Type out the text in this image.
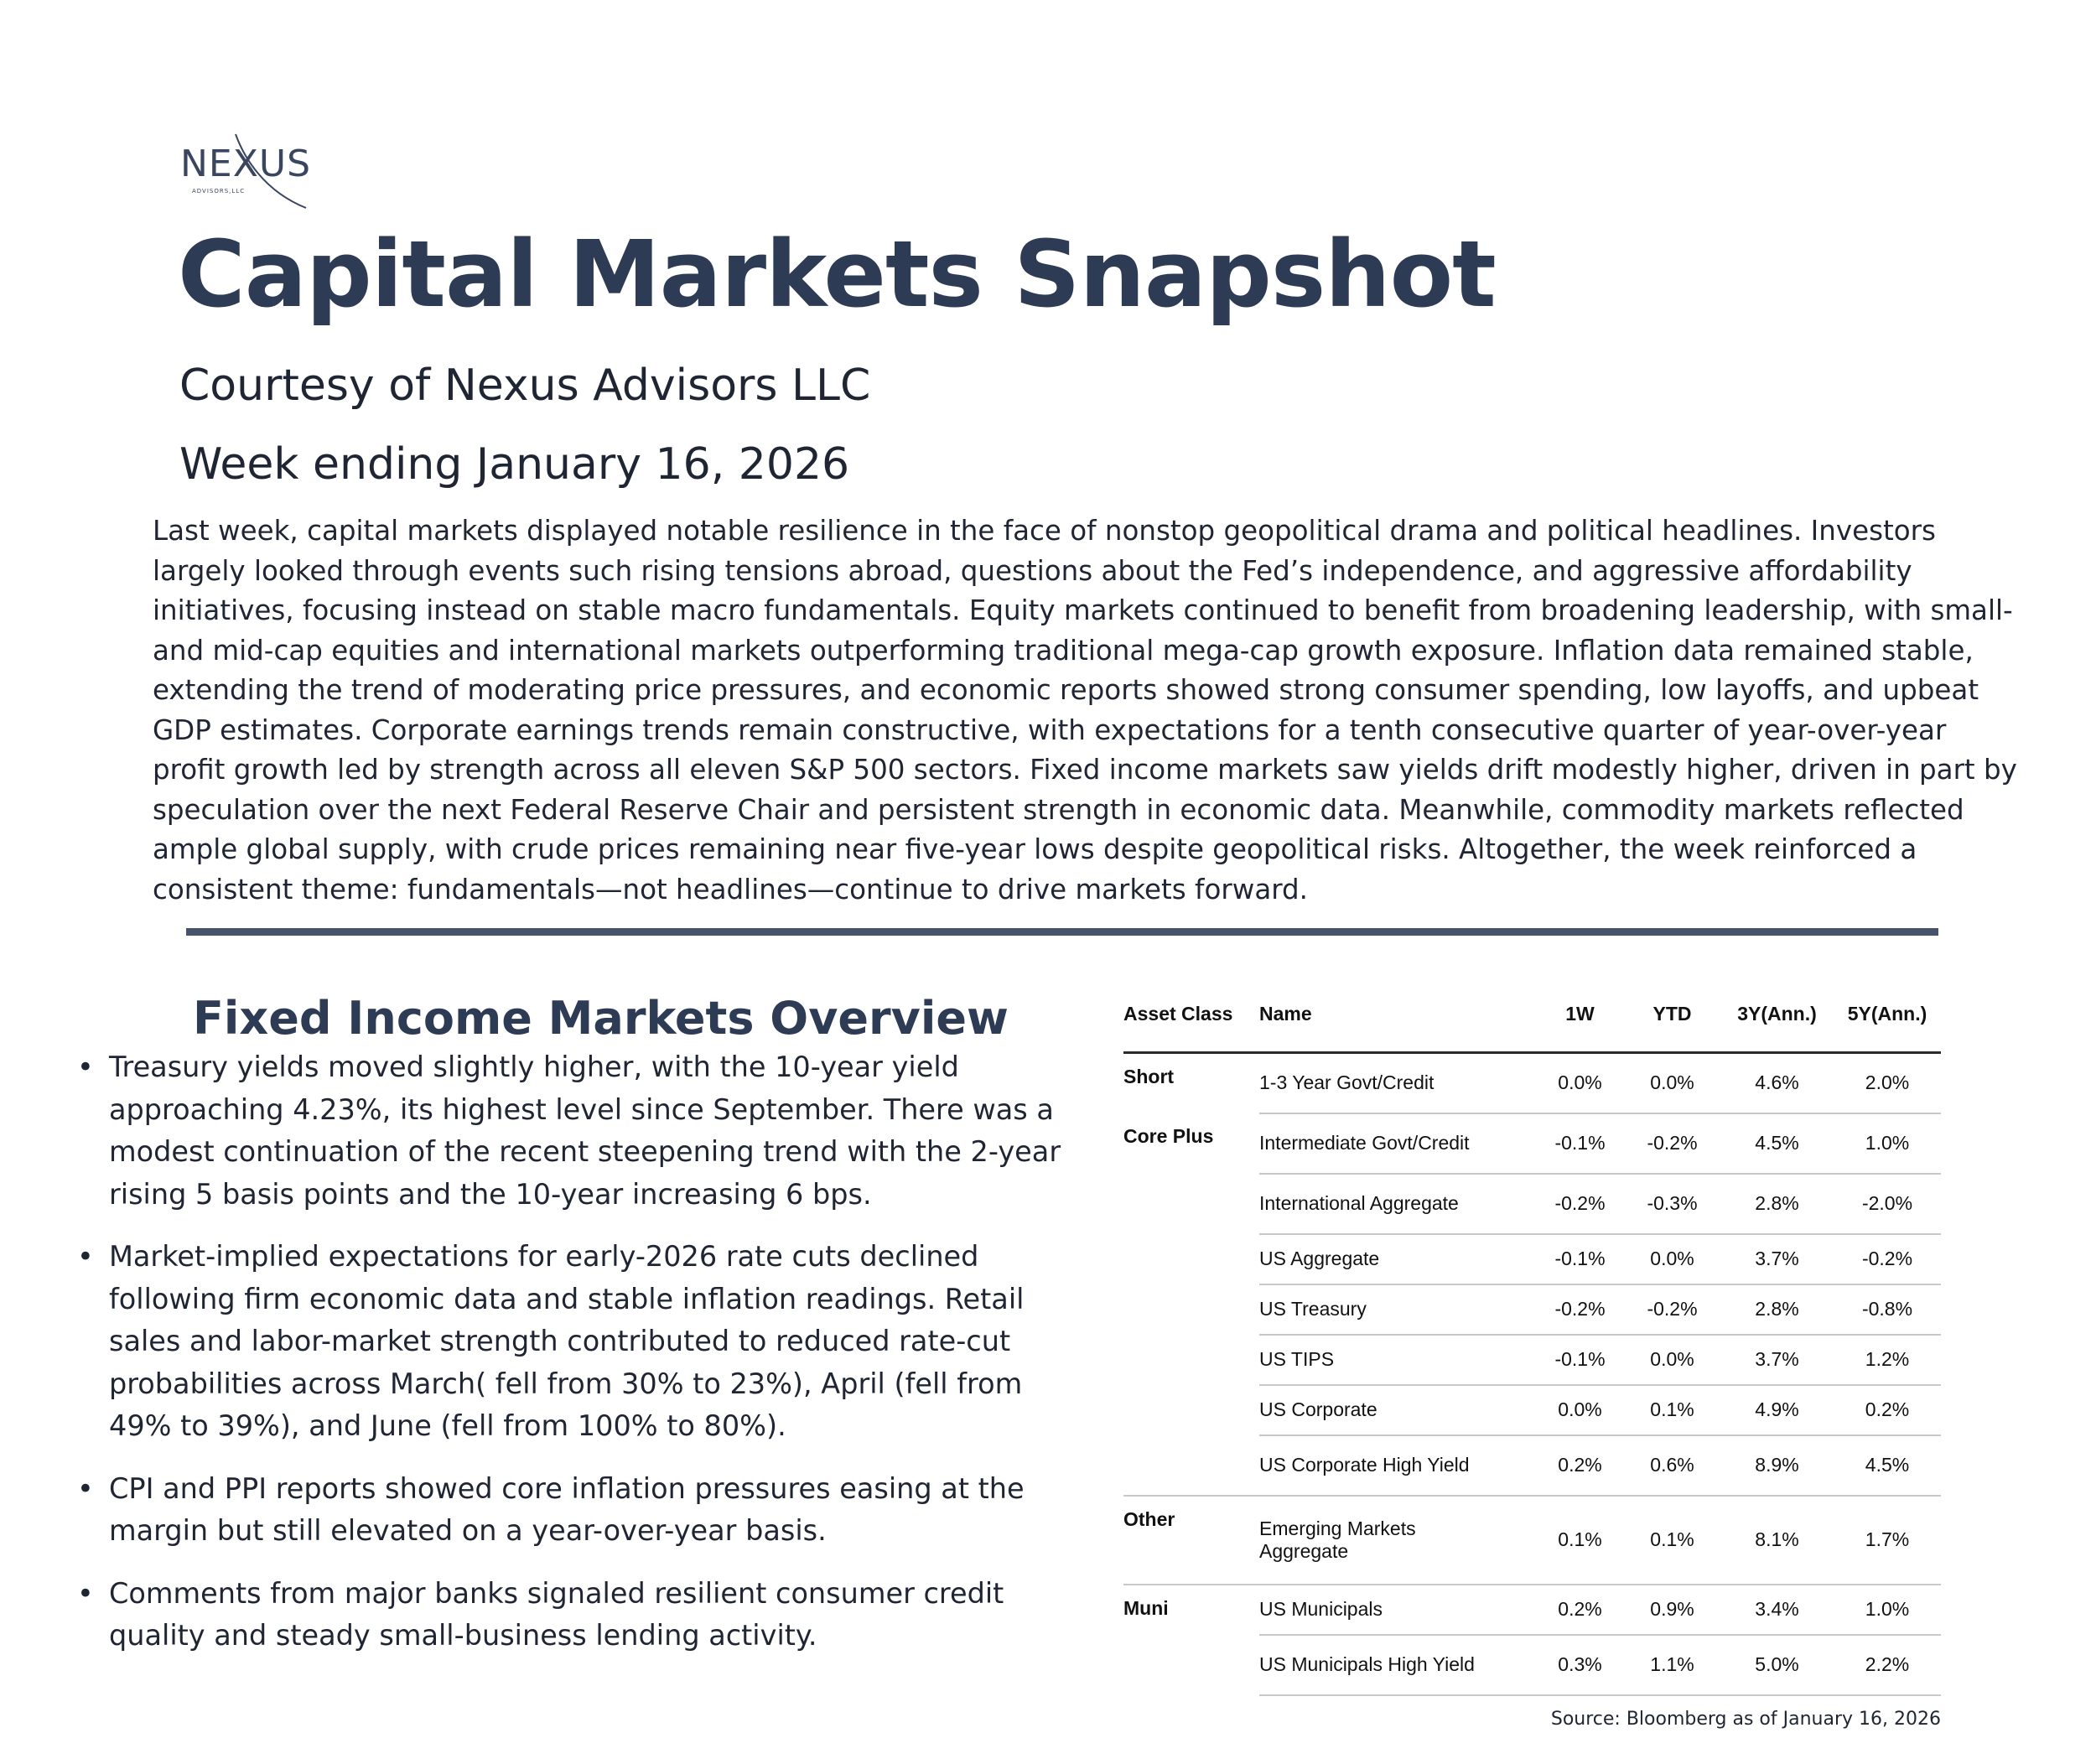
NEXUS
ADVISORS,LLC
Capital Markets Snapshot

Courtesy of Nexus Advisors LLC

Week ending January 16, 2026

Last week, capital markets displayed notable resilience in the face of nonstop geopolitical drama and political headlines. Investors largely looked through events such rising tensions abroad, questions about the Fed’s independence, and aggressive affordability initiatives, focusing instead on stable macro fundamentals. Equity markets continued to benefit from broadening leadership, with small- and mid-cap equities and international markets outperforming traditional mega-cap growth exposure. Inflation data remained stable, extending the trend of moderating price pressures, and economic reports showed strong consumer spending, low layoffs, and upbeat GDP estimates. Corporate earnings trends remain constructive, with expectations for a tenth consecutive quarter of year-over-year profit growth led by strength across all eleven S&P 500 sectors. Fixed income markets saw yields drift modestly higher, driven in part by speculation over the next Federal Reserve Chair and persistent strength in economic data. Meanwhile, commodity markets reflected ample global supply, with crude prices remaining near five-year lows despite geopolitical risks. Altogether, the week reinforced a consistent theme: fundamentals—not headlines—continue to drive markets forward.

Fixed Income Markets Overview
• Treasury yields moved slightly higher, with the 10-year yield approaching 4.23%, its highest level since September. There was a modest continuation of the recent steepening trend with the 2-year rising 5 basis points and the 10-year increasing 6 bps.
• Market-implied expectations for early-2026 rate cuts declined following firm economic data and stable inflation readings. Retail sales and labor-market strength contributed to reduced rate-cut probabilities across March( fell from 30% to 23%), April (fell from 49% to 39%), and June (fell from 100% to 80%).
• CPI and PPI reports showed core inflation pressures easing at the margin but still elevated on a year-over-year basis.
• Comments from major banks signaled resilient consumer credit quality and steady small-business lending activity.
Asset Class	Name	1W	YTD	3Y(Ann.)	5Y(Ann.)
Short	1-3 Year Govt/Credit	0.0%	0.0%	4.6%	2.0%
Core Plus	Intermediate Govt/Credit	-0.1%	-0.2%	4.5%	1.0%
	International Aggregate	-0.2%	-0.3%	2.8%	-2.0%
	US Aggregate	-0.1%	0.0%	3.7%	-0.2%
	US Treasury	-0.2%	-0.2%	2.8%	-0.8%
	US TIPS	-0.1%	0.0%	3.7%	1.2%
	US Corporate	0.0%	0.1%	4.9%	0.2%
	US Corporate High Yield	0.2%	0.6%	8.9%	4.5%
Other	Emerging Markets Aggregate	0.1%	0.1%	8.1%	1.7%
Muni	US Municipals	0.2%	0.9%	3.4%	1.0%
	US Municipals High Yield	0.3%	1.1%	5.0%	2.2%
Source: Bloomberg as of January 16, 2026
